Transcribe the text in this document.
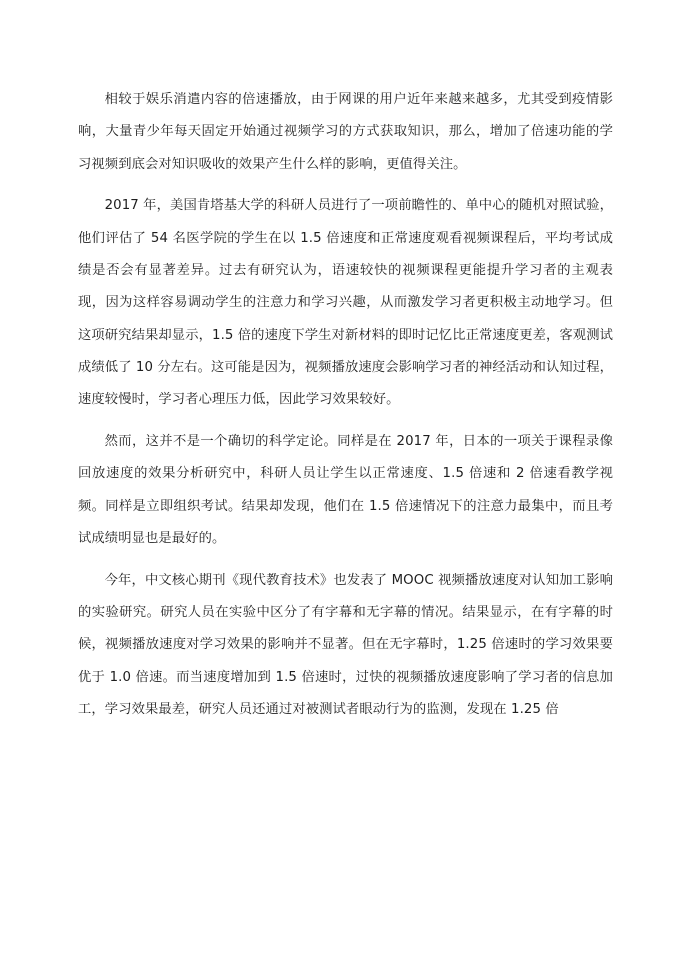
相较于娱乐消遣内容的倍速播放，由于网课的用户近年来越来越多，尤其受到疫情影响，大量青少年每天固定开始通过视频学习的方式获取知识，那么，增加了倍速功能的学习视频到底会对知识吸收的效果产生什么样的影响，更值得关注。

2017 年，美国肯塔基大学的科研人员进行了一项前瞻性的、单中心的随机对照试验，他们评估了 54 名医学院的学生在以 1.5 倍速度和正常速度观看视频课程后，平均考试成绩是否会有显著差异。过去有研究认为，语速较快的视频课程更能提升学习者的主观表现，因为这样容易调动学生的注意力和学习兴趣，从而激发学习者更积极主动地学习。但这项研究结果却显示，1.5 倍的速度下学生对新材料的即时记忆比正常速度更差，客观测试成绩低了 10 分左右。这可能是因为，视频播放速度会影响学习者的神经活动和认知过程，速度较慢时，学习者心理压力低，因此学习效果较好。

然而，这并不是一个确切的科学定论。同样是在 2017 年，日本的一项关于课程录像回放速度的效果分析研究中，科研人员让学生以正常速度、1.5 倍速和 2 倍速看教学视频。同样是立即组织考试。结果却发现，他们在 1.5 倍速情况下的注意力最集中，而且考试成绩明显也是最好的。

今年，中文核心期刊《现代教育技术》也发表了 MOOC 视频播放速度对认知加工影响的实验研究。研究人员在实验中区分了有字幕和无字幕的情况。结果显示，在有字幕的时候，视频播放速度对学习效果的影响并不显著。但在无字幕时，1.25 倍速时的学习效果要优于 1.0 倍速。而当速度增加到 1.5 倍速时，过快的视频播放速度影响了学习者的信息加工，学习效果最差，研究人员还通过对被测试者眼动行为的监测，发现在 1.25 倍
